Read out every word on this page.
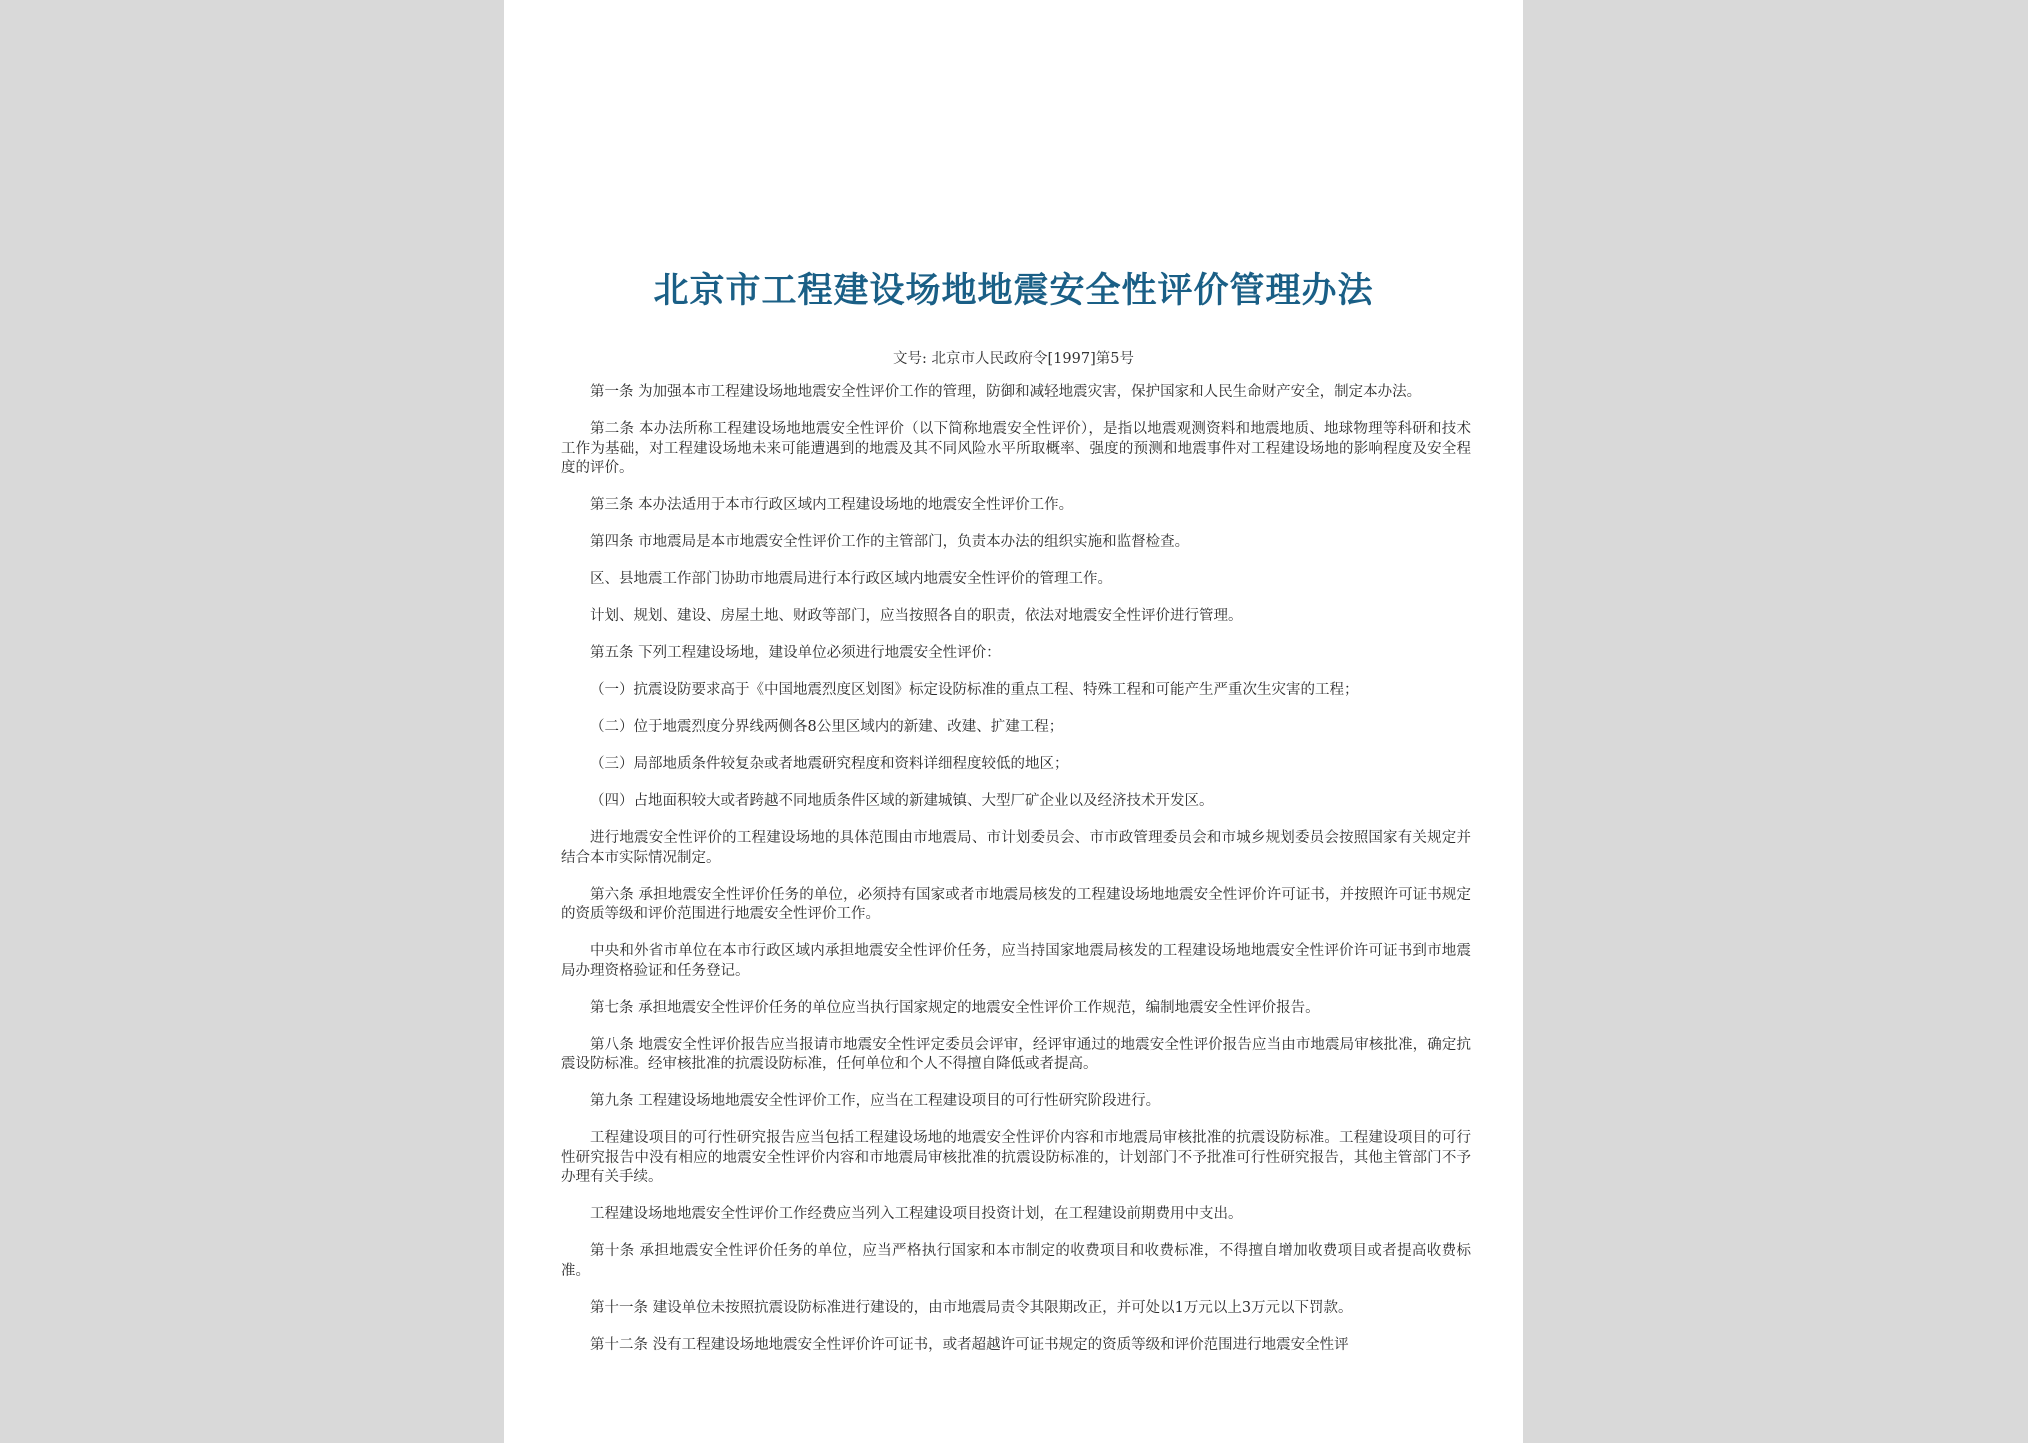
北京市工程建设场地地震安全性评价管理办法
文号: 北京市人民政府令[1997]第5号

第一条 为加强本市工程建设场地地震安全性评价工作的管理，防御和减轻地震灾害，保护国家和人民生命财产安全，制定本办法。

第二条 本办法所称工程建设场地地震安全性评价（以下简称地震安全性评价），是指以地震观测资料和地震地质、地球物理等科研和技术工作为基础，对工程建设场地未来可能遭遇到的地震及其不同风险水平所取概率、强度的预测和地震事件对工程建设场地的影响程度及安全程度的评价。

第三条 本办法适用于本市行政区域内工程建设场地的地震安全性评价工作。

第四条 市地震局是本市地震安全性评价工作的主管部门，负责本办法的组织实施和监督检查。

区、县地震工作部门协助市地震局进行本行政区域内地震安全性评价的管理工作。

计划、规划、建设、房屋土地、财政等部门，应当按照各自的职责，依法对地震安全性评价进行管理。

第五条 下列工程建设场地，建设单位必须进行地震安全性评价：

（一）抗震设防要求高于《中国地震烈度区划图》标定设防标准的重点工程、特殊工程和可能产生严重次生灾害的工程；

（二）位于地震烈度分界线两侧各8公里区域内的新建、改建、扩建工程；

（三）局部地质条件较复杂或者地震研究程度和资料详细程度较低的地区；

（四）占地面积较大或者跨越不同地质条件区域的新建城镇、大型厂矿企业以及经济技术开发区。

进行地震安全性评价的工程建设场地的具体范围由市地震局、市计划委员会、市市政管理委员会和市城乡规划委员会按照国家有关规定并结合本市实际情况制定。

第六条 承担地震安全性评价任务的单位，必须持有国家或者市地震局核发的工程建设场地地震安全性评价许可证书，并按照许可证书规定的资质等级和评价范围进行地震安全性评价工作。

中央和外省市单位在本市行政区域内承担地震安全性评价任务，应当持国家地震局核发的工程建设场地地震安全性评价许可证书到市地震局办理资格验证和任务登记。

第七条 承担地震安全性评价任务的单位应当执行国家规定的地震安全性评价工作规范，编制地震安全性评价报告。

第八条 地震安全性评价报告应当报请市地震安全性评定委员会评审，经评审通过的地震安全性评价报告应当由市地震局审核批准，确定抗震设防标准。经审核批准的抗震设防标准，任何单位和个人不得擅自降低或者提高。

第九条 工程建设场地地震安全性评价工作，应当在工程建设项目的可行性研究阶段进行。

工程建设项目的可行性研究报告应当包括工程建设场地的地震安全性评价内容和市地震局审核批准的抗震设防标准。工程建设项目的可行性研究报告中没有相应的地震安全性评价内容和市地震局审核批准的抗震设防标准的，计划部门不予批准可行性研究报告，其他主管部门不予办理有关手续。

工程建设场地地震安全性评价工作经费应当列入工程建设项目投资计划，在工程建设前期费用中支出。

第十条 承担地震安全性评价任务的单位，应当严格执行国家和本市制定的收费项目和收费标准，不得擅自增加收费项目或者提高收费标准。

第十一条 建设单位未按照抗震设防标准进行建设的，由市地震局责令其限期改正，并可处以1万元以上3万元以下罚款。

第十二条 没有工程建设场地地震安全性评价许可证书，或者超越许可证书规定的资质等级和评价范围进行地震安全性评
